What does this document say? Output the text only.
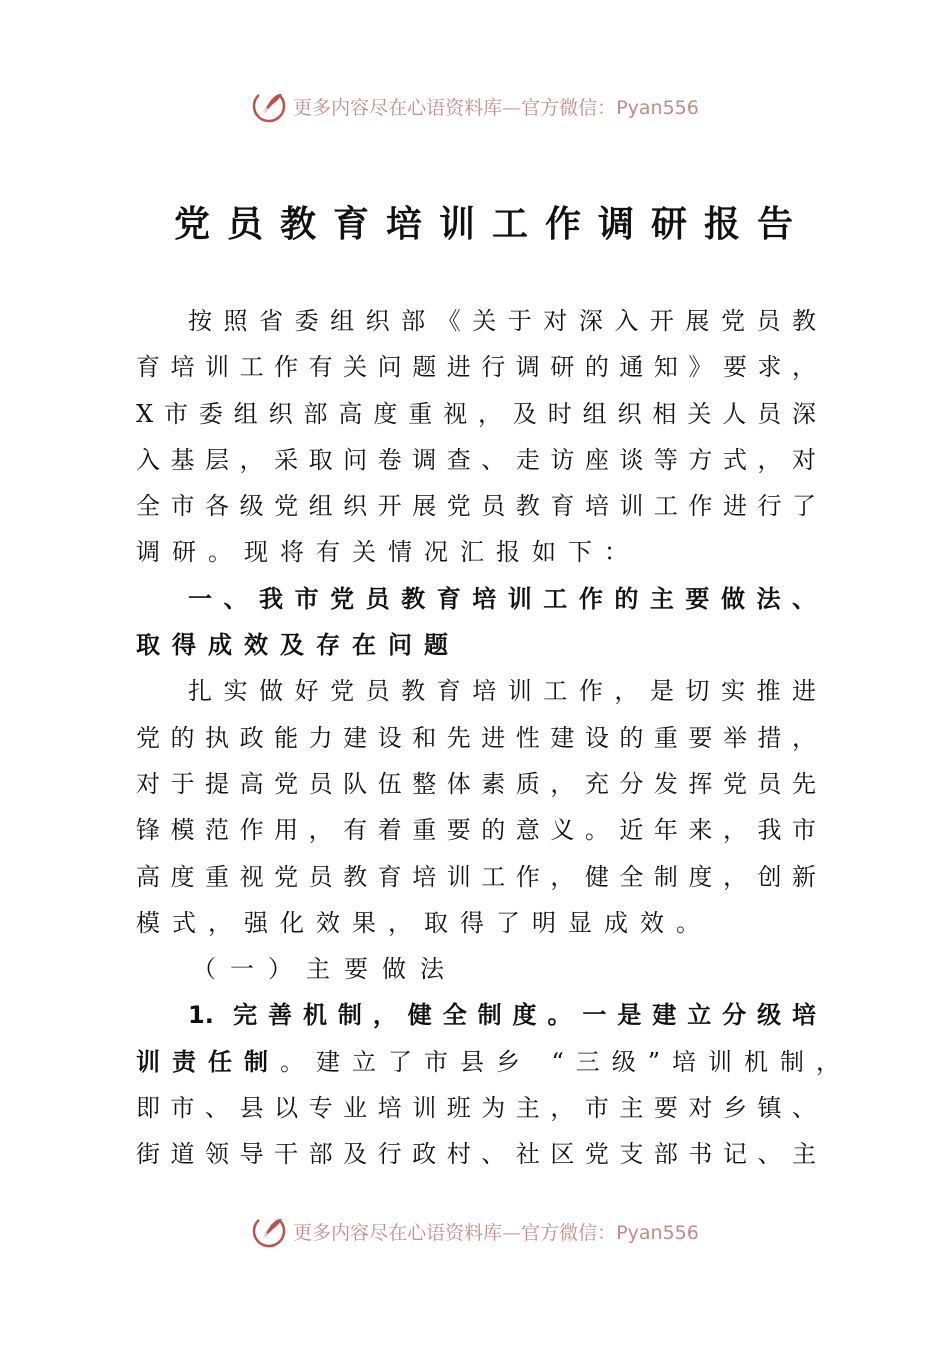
更多内容尽在心语资料库—官方微信：Pyan556
党员教育培训工作调研报告
按照省委组织部《关于对深入开展党员教
育培训工作有关问题进行调研的通知》要求，
X市委组织部高度重视，及时组织相关人员深
入基层，采取问卷调查、走访座谈等方式，对
全市各级党组织开展党员教育培训工作进行了
调研。现将有关情况汇报如下：
一、我市党员教育培训工作的主要做法、
取得成效及存在问题
扎实做好党员教育培训工作，是切实推进
党的执政能力建设和先进性建设的重要举措，
对于提高党员队伍整体素质，充分发挥党员先
锋模范作用，有着重要的意义。近年来，我市
高度重视党员教育培训工作，健全制度，创新
模式，强化效果，取得了明显成效。
（一）主要做法
1. 完善机制，健全制度。一是建立分级培
训责任制 。建立了市县乡 “三级”培训机制，
即市、县以专业培训班为主，市主要对乡镇、
街道领导干部及行政村、社区党支部书记、主
更多内容尽在心语资料库—官方微信：Pyan556
